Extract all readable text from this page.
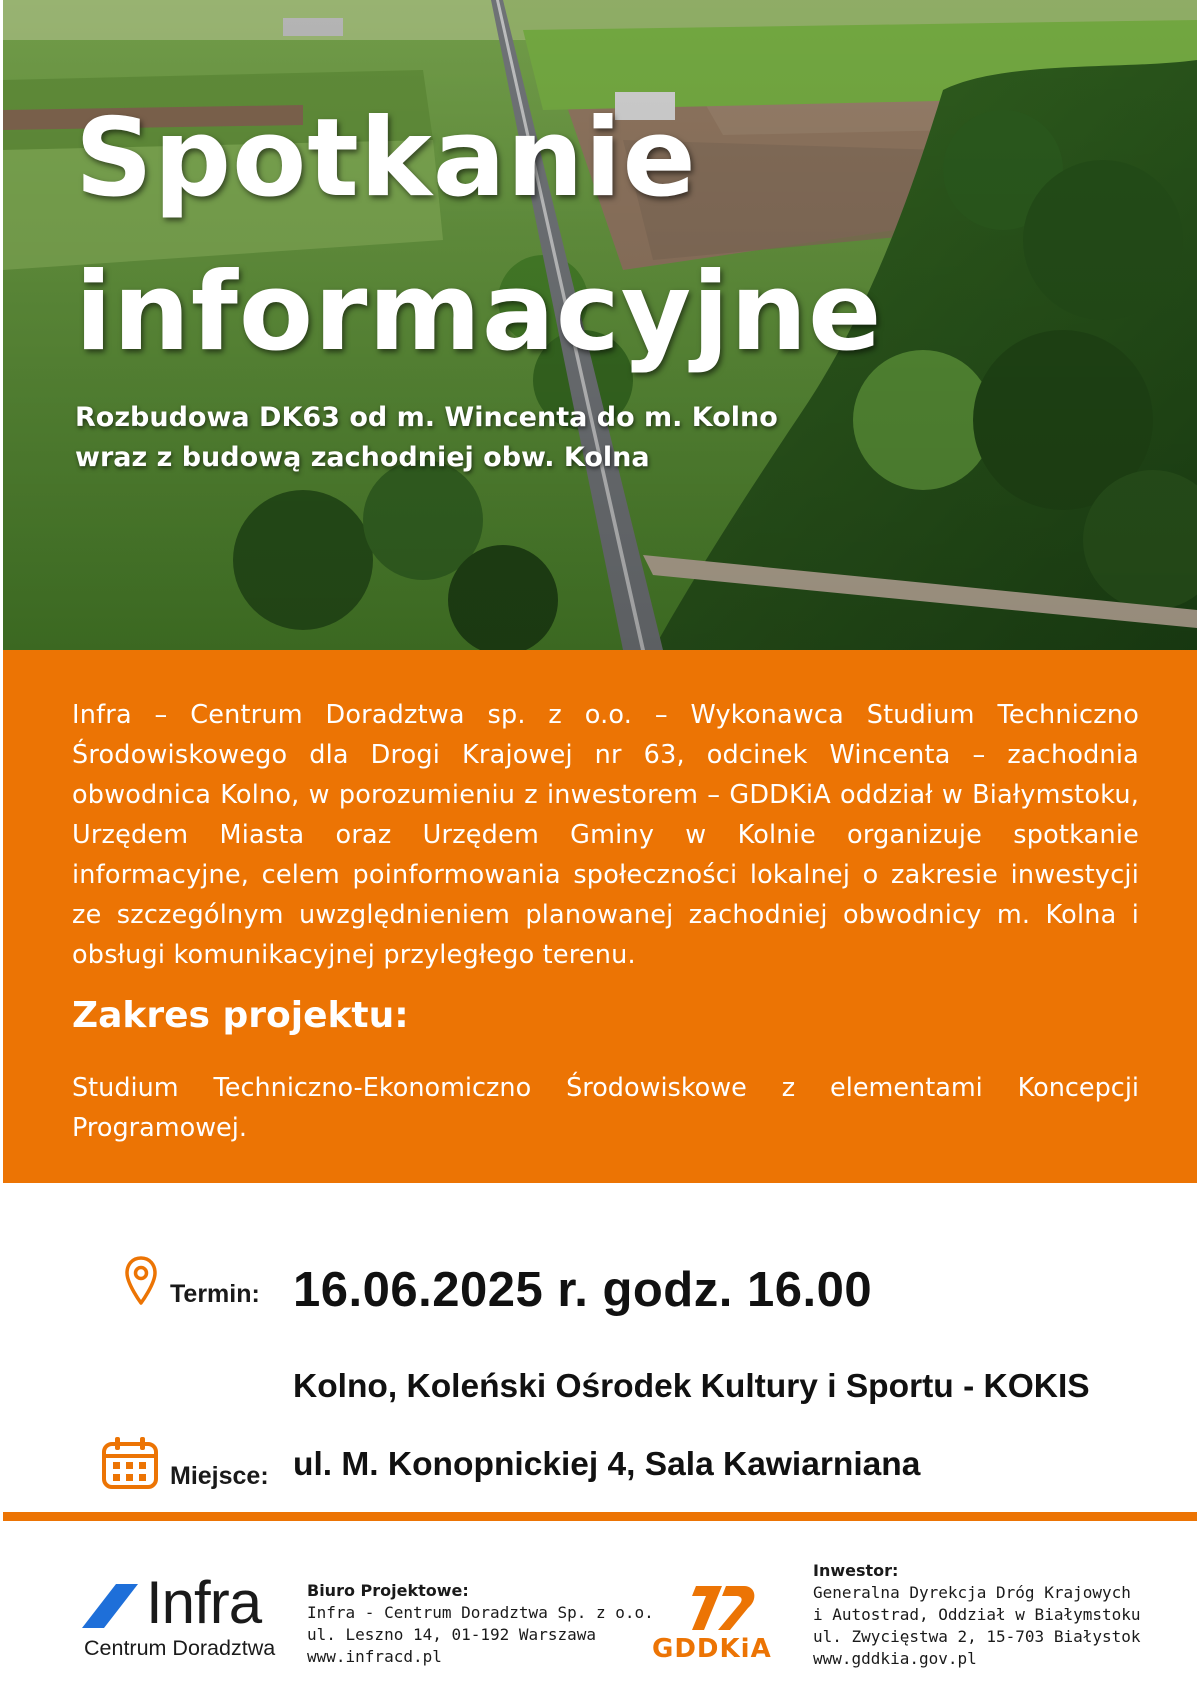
Spotkanie
informacyjne

Rozbudowa DK63 od m. Wincenta do m. Kolno
wraz z budową zachodniej obw. Kolna

Infra – Centrum Doradztwa sp. z o.o. – Wykonawca Studium Techniczno Środowiskowego dla Drogi Krajowej nr 63, odcinek Wincenta – zachodnia obwodnica Kolno, w porozumieniu z inwestorem – GDDKiA oddział w Białymstoku, Urzędem Miasta oraz Urzędem Gminy w Kolnie organizuje spotkanie informacyjne, celem poinformowania społeczności lokalnej o zakresie inwestycji ze szczególnym uwzględnieniem planowanej zachodniej obwodnicy m. Kolna i obsługi komunikacyjnej przyległego terenu.

Zakres projektu:

Studium Techniczno-Ekonomiczno Środowiskowe z elementami Koncepcji Programowej.

Termin: 16.06.2025 r. godz. 16.00
Kolno, Koleński Ośrodek Kultury i Sportu - KOKIS
Miejsce: ul. M. Konopnickiej 4, Sala Kawiarniana
Infra
Centrum Doradztwa
Biuro Projektowe:
Infra - Centrum Doradztwa Sp. z o.o.
ul. Leszno 14, 01-192 Warszawa
www.infracd.pl	GDDKiA
Inwestor:
Generalna Dyrekcja Dróg Krajowych
i Autostrad, Oddział w Białymstoku
ul. Zwycięstwa 2, 15-703 Białystok
www.gddkia.gov.pl
